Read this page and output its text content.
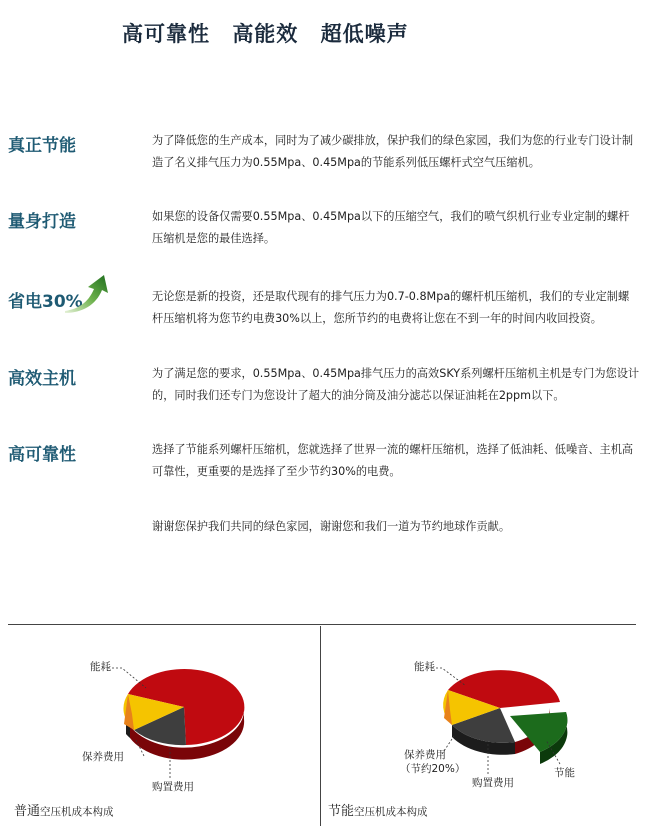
高可靠性 高能效 超低噪声
真正节能	为了降低您的生产成本，同时为了减少碳排放，保护我们的绿色家园，我们为您的行业专门设计制造了名义排气压力为0.55Mpa、0.45Mpa的节能系列低压螺杆式空气压缩机。
量身打造	如果您的设备仅需要0.55Mpa、0.45Mpa以下的压缩空气，我们的喷气织机行业专业定制的螺杆压缩机是您的最佳选择。
省电30%	无论您是新的投资，还是取代现有的排气压力为0.7-0.8Mpa的螺杆机压缩机，我们的专业定制螺杆压缩机将为您节约电费30%以上，您所节约的电费将让您在不到一年的时间内收回投资。
高效主机	为了满足您的要求，0.55Mpa、0.45Mpa排气压力的高效SKY系列螺杆压缩机主机是专门为您设计的，同时我们还专门为您设计了超大的油分筒及油分滤芯以保证油耗在2ppm以下。
高可靠性	选择了节能系列螺杆压缩机，您就选择了世界一流的螺杆压缩机，选择了低油耗、低噪音、主机高可靠性，更重要的是选择了至少节约30%的电费。
谢谢您保护我们共同的绿色家园，谢谢您和我们一道为节约地球作贡献。
能耗
保养费用
购置费用
普通空压机成本构成
能耗
保养费用
（节约20%）
购置费用
节能
节能空压机成本构成
